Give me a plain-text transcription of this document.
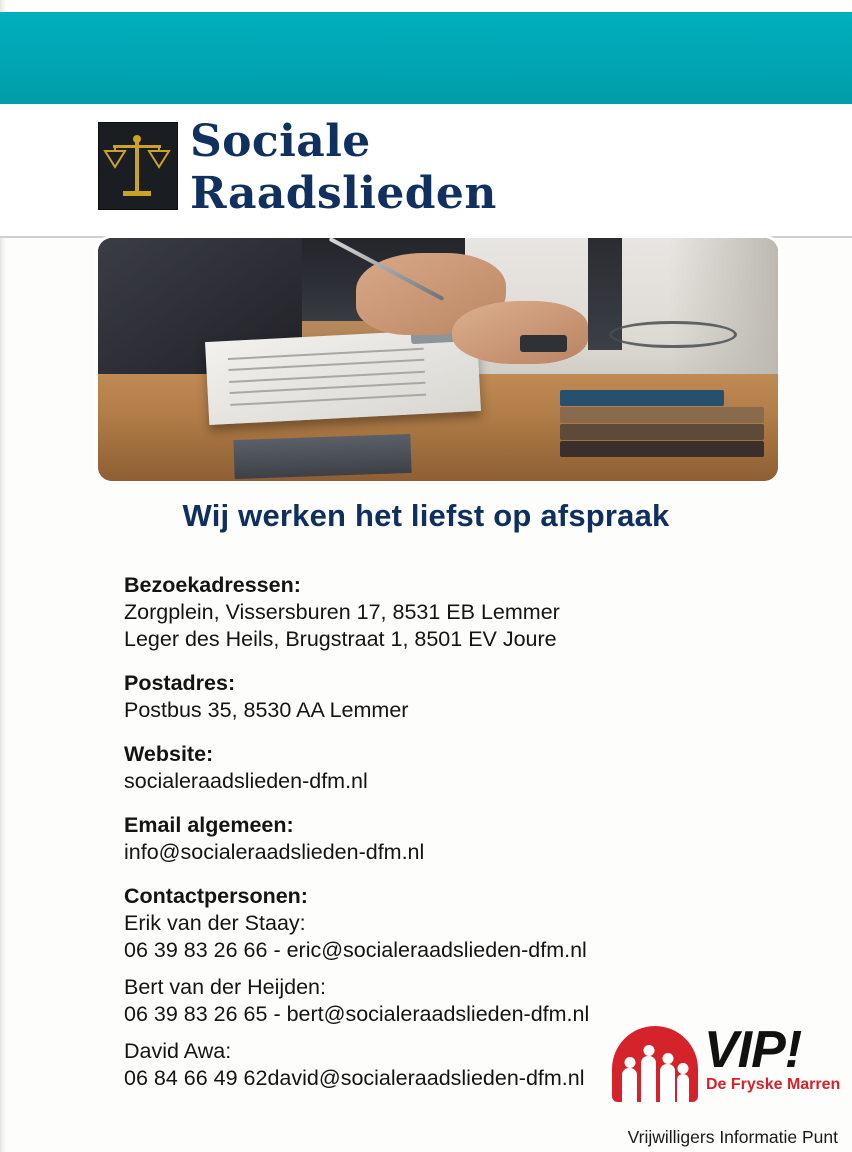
Sociale
Raadslieden
Wij werken het liefst op afspraak
Bezoekadressen:
Zorgplein, Vissersburen 17, 8531 EB Lemmer
Leger des Heils, Brugstraat 1, 8501 EV Joure
Postadres:
Postbus 35, 8530 AA Lemmer
Website:
socialeraadslieden-dfm.nl
Email algemeen:
info@socialeraadslieden-dfm.nl
Contactpersonen:
Erik van der Staay:
06 39 83 26 66 - eric@socialeraadslieden-dfm.nl
Bert van der Heijden:
06 39 83 26 65 - bert@socialeraadslieden-dfm.nl
David Awa:
06 84 66 49 62david@socialeraadslieden-dfm.nl	VIP!
De Fryske Marren
Vrijwilligers Informatie Punt
